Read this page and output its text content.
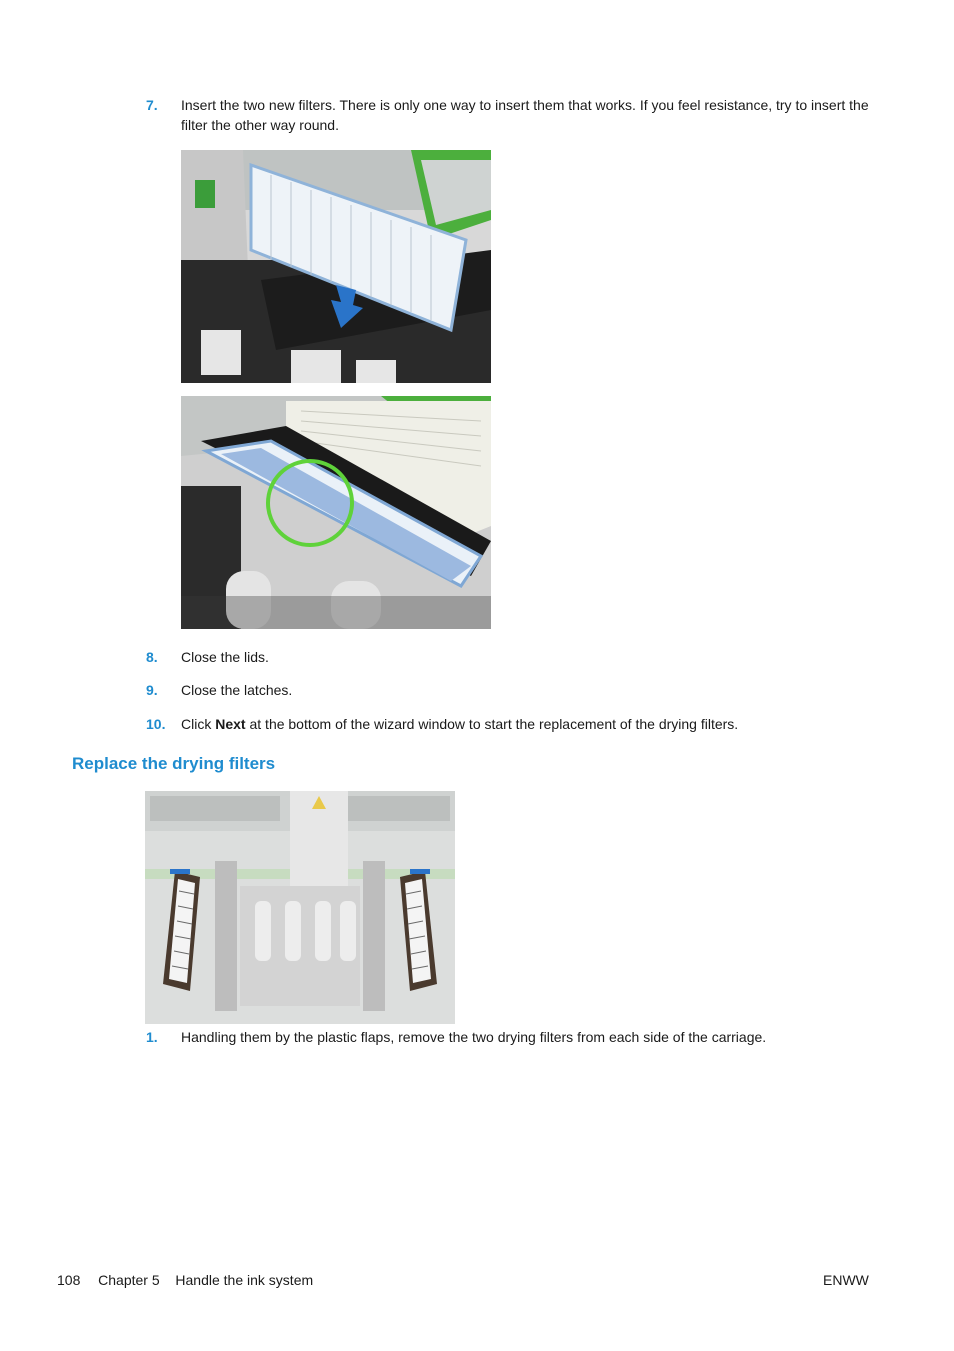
7. Insert the two new filters. There is only one way to insert them that works. If you feel resistance, try to insert the filter the other way round.
8. Close the lids.
9. Close the latches.
10. Click Next at the bottom of the wizard window to start the replacement of the drying filters.
Replace the drying filters
1. Handling them by the plastic flaps, remove the two drying filters from each side of the carriage.
108 Chapter 5 Handle the ink system	ENWW
